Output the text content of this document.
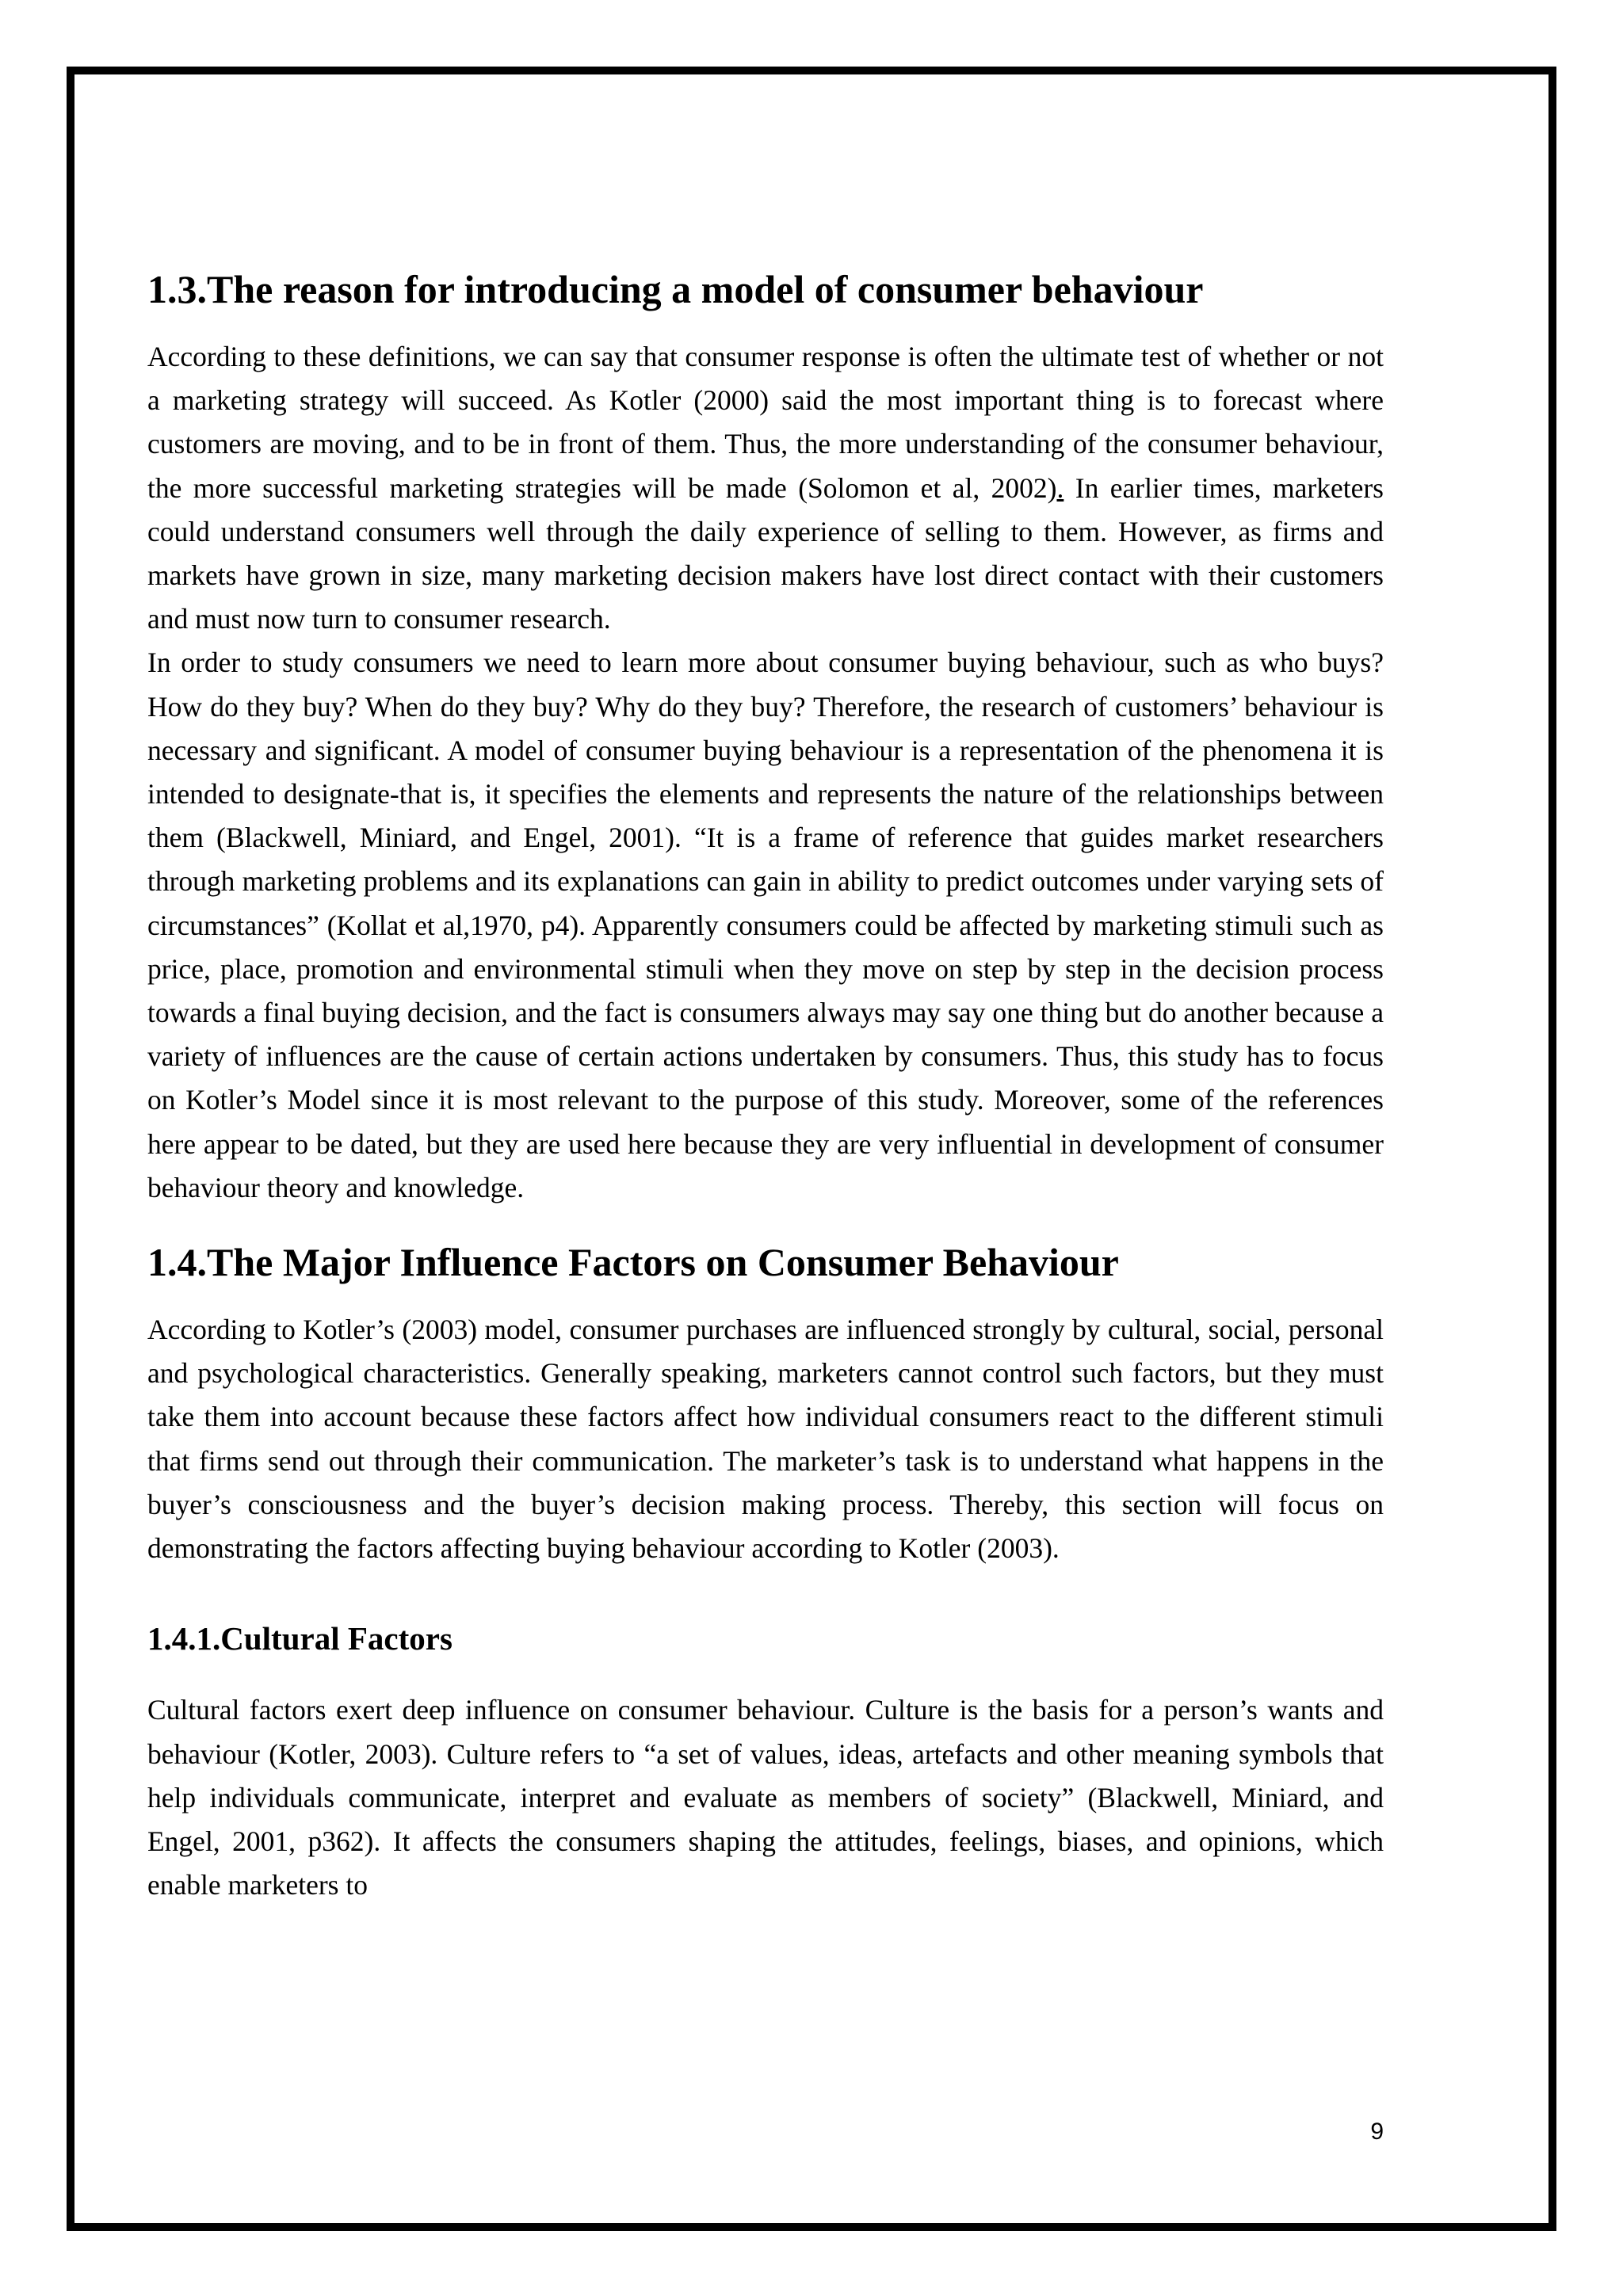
1.3.The reason for introducing a model of consumer behaviour

According to these definitions, we can say that consumer response is often the ultimate test of whether or not a marketing strategy will succeed. As Kotler (2000) said the most important thing is to forecast where customers are moving, and to be in front of them. Thus, the more understanding of the consumer behaviour, the more successful marketing strategies will be made (Solomon et al, 2002). In earlier times, marketers could understand consumers well through the daily experience of selling to them. However, as firms and markets have grown in size, many marketing decision makers have lost direct contact with their customers and must now turn to consumer research.

In order to study consumers we need to learn more about consumer buying behaviour, such as who buys? How do they buy? When do they buy? Why do they buy? Therefore, the research of customers’ behaviour is necessary and significant. A model of consumer buying behaviour is a representation of the phenomena it is intended to designate-that is, it specifies the elements and represents the nature of the relationships between them (Blackwell, Miniard, and Engel, 2001). “It is a frame of reference that guides market researchers through marketing problems and its explanations can gain in ability to predict outcomes under varying sets of circumstances” (Kollat et al,1970, p4). Apparently consumers could be affected by marketing stimuli such as price, place, promotion and environmental stimuli when they move on step by step in the decision process towards a final buying decision, and the fact is consumers always may say one thing but do another because a variety of influences are the cause of certain actions undertaken by consumers. Thus, this study has to focus on Kotler’s Model since it is most relevant to the purpose of this study. Moreover, some of the references here appear to be dated, but they are used here because they are very influential in development of consumer behaviour theory and knowledge.

1.4.The Major Influence Factors on Consumer Behaviour

According to Kotler’s (2003) model, consumer purchases are influenced strongly by cultural, social, personal and psychological characteristics. Generally speaking, marketers cannot control such factors, but they must take them into account because these factors affect how individual consumers react to the different stimuli that firms send out through their communication. The marketer’s task is to understand what happens in the buyer’s consciousness and the buyer’s decision making process. Thereby, this section will focus on demonstrating the factors affecting buying behaviour according to Kotler (2003).

1.4.1.Cultural Factors

Cultural factors exert deep influence on consumer behaviour. Culture is the basis for a person’s wants and behaviour (Kotler, 2003). Culture refers to “a set of values, ideas, artefacts and other meaning symbols that help individuals communicate, interpret and evaluate as members of society” (Blackwell, Miniard, and Engel, 2001, p362). It affects the consumers shaping the attitudes, feelings, biases, and opinions, which enable marketers to

9
